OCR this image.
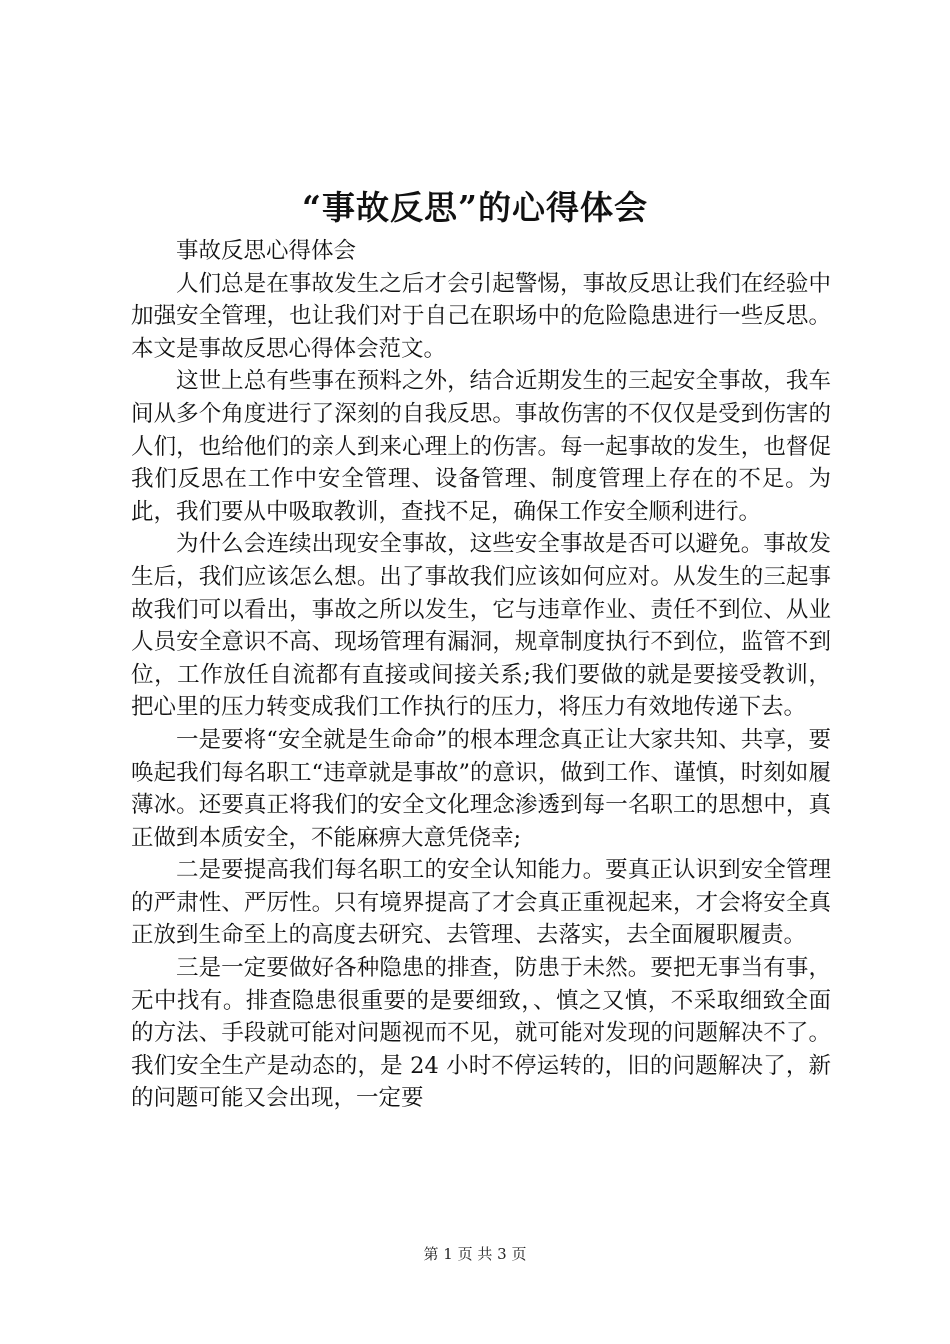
“事故反思”的心得体会

事故反思心得体会

人们总是在事故发生之后才会引起警惕，事故反思让我们在经验中加强安全管理，也让我们对于自己在职场中的危险隐患进行一些反思。本文是事故反思心得体会范文。

这世上总有些事在预料之外，结合近期发生的三起安全事故，我车间从多个角度进行了深刻的自我反思。事故伤害的不仅仅是受到伤害的人们，也给他们的亲人到来心理上的伤害。每一起事故的发生，也督促我们反思在工作中安全管理、设备管理、制度管理上存在的不足。为此，我们要从中吸取教训，查找不足，确保工作安全顺利进行。

为什么会连续出现安全事故，这些安全事故是否可以避免。事故发生后，我们应该怎么想。出了事故我们应该如何应对。从发生的三起事故我们可以看出，事故之所以发生，它与违章作业、责任不到位、从业人员安全意识不高、现场管理有漏洞，规章制度执行不到位，监管不到位，工作放任自流都有直接或间接关系;我们要做的就是要接受教训，把心里的压力转变成我们工作执行的压力，将压力有效地传递下去。

一是要将“安全就是生命命”的根本理念真正让大家共知、共享，要唤起我们每名职工“违章就是事故”的意识，做到工作、谨慎，时刻如履薄冰。还要真正将我们的安全文化理念渗透到每一名职工的思想中，真正做到本质安全，不能麻痹大意凭侥幸;

二是要提高我们每名职工的安全认知能力。要真正认识到安全管理的严肃性、严厉性。只有境界提高了才会真正重视起来，才会将安全真正放到生命至上的高度去研究、去管理、去落实，去全面履职履责。

三是一定要做好各种隐患的排查，防患于未然。要把无事当有事，无中找有。排查隐患很重要的是要细致，、慎之又慎，不采取细致全面的方法、手段就可能对问题视而不见，就可能对发现的问题解决不了。我们安全生产是动态的，是 24 小时不停运转的，旧的问题解决了，新的问题可能又会出现，一定要

第 1 页 共 3 页
